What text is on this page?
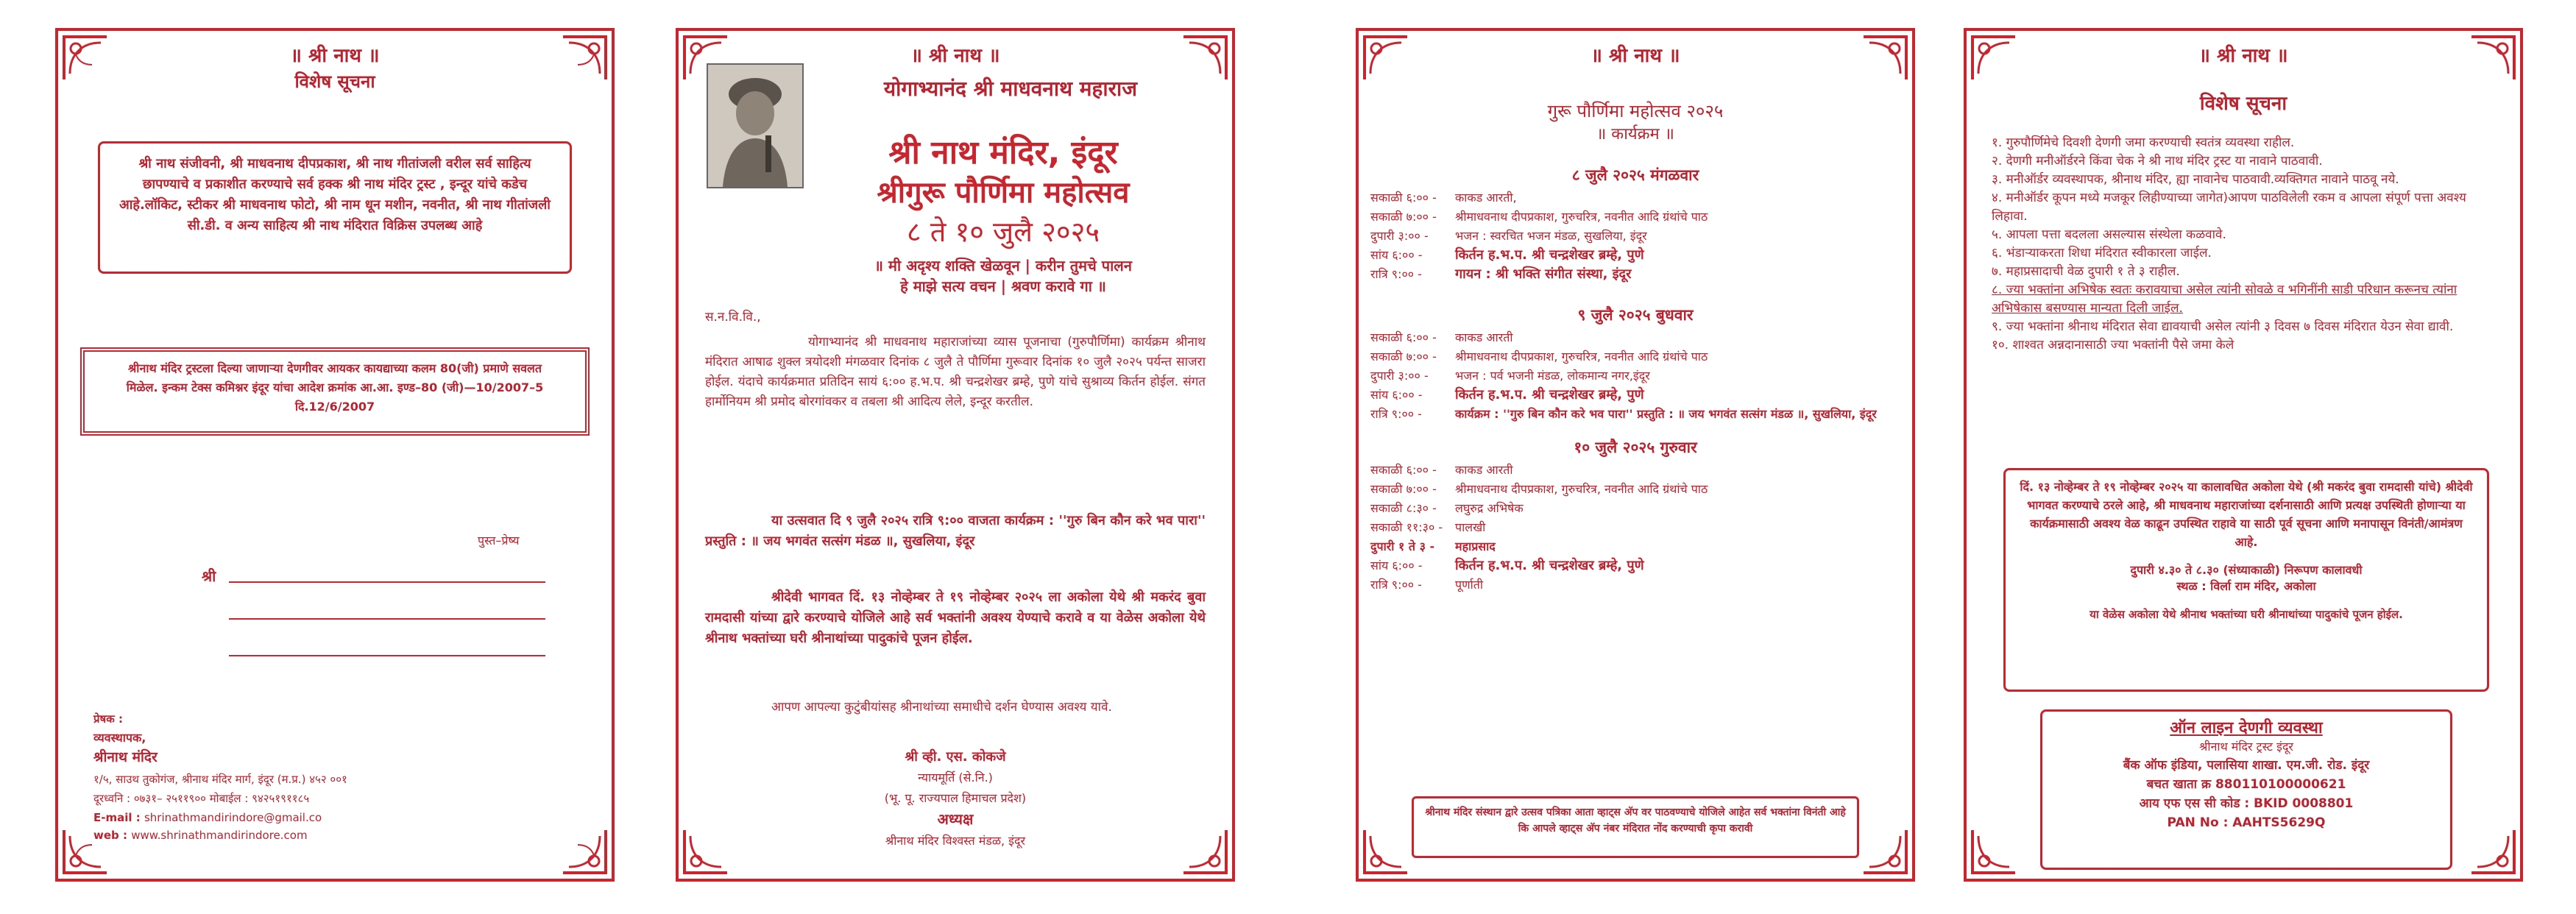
॥ श्री नाथ ॥
विशेष सूचना
श्री नाथ संजीवनी, श्री माधवनाथ दीपप्रकाश, श्री नाथ गीतांजली वरील सर्व साहित्य छापण्याचे व प्रकाशीत करण्याचे सर्व हक्क श्री नाथ मंदिर ट्रस्ट , इन्दूर यांचे कडेच आहे.लॉकिट, स्टीकर श्री माधवनाथ फोटो, श्री नाम धून मशीन, नवनीत, श्री नाथ गीतांजली सी.डी. व अन्य साहित्य श्री नाथ मंदिरात विक्रिस उपलब्ध आहे
श्रीनाथ मंदिर ट्रस्टला दिल्या जाणाऱ्या देणगीवर आयकर कायद्याच्या कलम 80(जी) प्रमाणे सवलत मिळेल. इन्कम टेक्स कमिश्नर इंदूर यांचा आदेश क्रमांक आ.आ. इण्ड–80 (जी)—10/2007–5 दि.12/6/2007
पुस्त–प्रेष्य
श्री
प्रेषक :
व्यवस्थापक,
श्रीनाथ मंदिर
१/५, साउथ तुकोगंज, श्रीनाथ मंदिर मार्ग, इंदूर (म.प्र.) ४५२ ००१
दूरध्वनि : ०७३१– २५११९०० मोबाईल : ९४२५१९११८५
E-mail : shrinathmandirindore@gmail.co
web : www.shrinathmandirindore.com
॥ श्री नाथ ॥
योगाभ्यानंद श्री माधवनाथ महाराज
श्री नाथ मंदिर, इंदूर
श्रीगुरू पौर्णिमा महोत्सव
८ ते १० जुलै २०२५
॥ मी अदृश्य शक्ति खेळवून | करीन तुमचे पालन
हे माझे सत्य वचन | श्रवण करावे गा ॥
स.न.वि.वि.,
योगाभ्यानंद श्री माधवनाथ महाराजांच्या व्यास पूजनाचा (गुरुपौर्णिमा) कार्यक्रम श्रीनाथ मंदिरात आषाढ शुक्ल त्रयोदशी मंगळवार दिनांक ८ जुलै ते पौर्णिमा गुरूवार दिनांक १० जुलै २०२५ पर्यन्त साजरा होईल. यंदाचे कार्यक्रमात प्रतिदिन सायं ६:०० ह.भ.प. श्री चन्द्रशेखर ब्रम्हे, पुणे यांचे सुश्राव्य किर्तन होईल. संगत हार्मोनियम श्री प्रमोद बोरगांवकर व तबला श्री आदित्य लेले, इन्दूर करतील.
या उत्सवात दि ९ जुलै २०२५ रात्रि ९:०० वाजता कार्यक्रम : ''गुरु बिन कौन करे भव पारा'' प्रस्तुति : ॥ जय भगवंत सत्संग मंडळ ॥, सुखलिया, इंदूर
श्रीदेवी भागवत दिं. १३ नोव्हेम्बर ते १९ नोव्हेम्बर २०२५ ला अकोला येथे श्री मकरंद बुवा रामदासी यांच्या द्वारे करण्याचे योजिले आहे सर्व भक्तांनी अवश्य येण्याचे करावे व या वेळेस अकोला येथे श्रीनाथ भक्तांच्या घरी श्रीनाथांच्या पादुकांचे पूजन होईल.
आपण आपल्या कुटुंबीयांसह श्रीनाथांच्या समाधीचे दर्शन घेण्यास अवश्य यावे.
श्री व्ही. एस. कोकजे
न्यायमूर्ति (से.नि.)
(भू. पू. राज्यपाल हिमाचल प्रदेश)
अध्यक्ष
श्रीनाथ मंदिर विश्वस्त मंडळ, इंदूर
॥ श्री नाथ ॥
गुरू पौर्णिमा महोत्सव २०२५
॥ कार्यक्रम ॥
८ जुलै २०२५ मंगळवार
सकाळी ६:०० -	काकड आरती,
सकाळी ७:०० -	श्रीमाधवनाथ दीपप्रकाश, गुरुचरित्र, नवनीत आदि ग्रंथांचे पाठ
दुपारी ३:०० -	भजन : स्वरचित भजन मंडळ, सुखलिया, इंदूर
सांय ६:०० -	किर्तन ह.भ.प. श्री चन्द्रशेखर ब्रम्हे, पुणे
रात्रि ९:०० -	गायन : श्री भक्ति संगीत संस्था, इंदूर
९ जुलै २०२५ बुधवार
सकाळी ६:०० -	काकड आरती
सकाळी ७:०० -	श्रीमाधवनाथ दीपप्रकाश, गुरुचरित्र, नवनीत आदि ग्रंथांचे पाठ
दुपारी ३:०० -	भजन : पर्व भजनी मंडळ, लोकमान्य नगर,इंदूर
सांय ६:०० -	किर्तन ह.भ.प. श्री चन्द्रशेखर ब्रम्हे, पुणे
रात्रि ९:०० -	कार्यक्रम : ''गुरु बिन कौन करे भव पारा'' प्रस्तुति : ॥ जय भगवंत सत्संग मंडळ ॥, सुखलिया, इंदूर
१० जुलै २०२५ गुरुवार
सकाळी ६:०० -	काकड आरती
सकाळी ७:०० -	श्रीमाधवनाथ दीपप्रकाश, गुरुचरित्र, नवनीत आदि ग्रंथांचे पाठ
सकाळी ८:३० -	लघुरुद्र अभिषेक
सकाळी ११:३० -	पालखी
दुपारी १ ते ३ -	महाप्रसाद
सांय ६:०० -	किर्तन ह.भ.प. श्री चन्द्रशेखर ब्रम्हे, पुणे
रात्रि ९:०० -	पूर्णाती
श्रीनाथ मंदिर संस्थान द्वारे उत्सव पत्रिका आता व्हाट्स अ‍ॅप वर पाठवण्याचे योजिले आहेत सर्व भक्तांना विनंती आहे कि आपले व्हाट्स अ‍ॅप नंबर मंदिरात नोंद करण्याची कृपा करावी
॥ श्री नाथ ॥
विशेष सूचना
१. गुरुपौर्णिमेचे दिवशी देणगी जमा करण्याची स्वतंत्र व्यवस्था राहील.
२. देणगी मनीऑर्डरने किंवा चेक ने श्री नाथ मंदिर ट्रस्ट या नावाने पाठवावी.
३. मनीऑर्डर व्यवस्थापक, श्रीनाथ मंदिर, ह्या नावानेच पाठवावी.व्यक्तिगत नावाने पाठवू नये.
४. मनीऑर्डर कूपन मध्ये मजकूर लिहीण्याच्या जागेत)आपण पाठविलेली रकम व आपला संपूर्ण पत्ता अवश्य लिहावा.
५. आपला पत्ता बदलला असल्यास संस्थेला कळवावे.
६. भंडाऱ्याकरता शिधा मंदिरात स्वीकारला जाईल.
७. महाप्रसादाची वेळ दुपारी १ ते ३ राहील.
८. ज्या भक्तांना अभिषेक स्वतः करावयाचा असेल त्यांनी सोवळे व भगिनींनी साडी परिधान करूनच त्यांना अभिषेकास बसण्यास मान्यता दिली जाईल.
९. ज्या भक्तांना श्रीनाथ मंदिरात सेवा द्यावयाची असेल त्यांनी ३ दिवस ७ दिवस मंदिरात येउन सेवा द्यावी.
१०. शाश्वत अन्नदानासाठी ज्या भक्तांनी पैसे जमा केले
दिं. १३ नोव्हेम्बर ते १९ नोव्हेम्बर २०२५ या कालावधित अकोला येथे (श्री मकरंद बुवा रामदासी यांचे) श्रीदेवी भागवत करण्याचे ठरले आहे, श्री माधवनाथ महाराजांच्या दर्शनासाठी आणि प्रत्यक्ष उपस्थिती होणाऱ्या या कार्यक्रमासाठी अवश्य वेळ काढून उपस्थित राहावे या साठी पूर्व सूचना आणि मनापासून विनंती/आमंत्रण आहे.
दुपारी ४.३० ते ८.३० (संध्याकाळी) निरूपण कालावधी
स्थळ : विर्ला राम मंदिर, अकोला
या वेळेस अकोला येथे श्रीनाथ भक्तांच्या घरी श्रीनाथांच्या पादुकांचे पूजन होईल.
ऑन लाइन देणगी व्यवस्था
श्रीनाथ मंदिर ट्रस्ट इंदूर
बैंक ऑफ इंडिया, पलासिया शाखा. एम.जी. रोड. इंदूर
बचत खाता क्र 880110100000621
आय एफ एस सी कोड : BKID 0008801
PAN No : AAHTS5629Q
